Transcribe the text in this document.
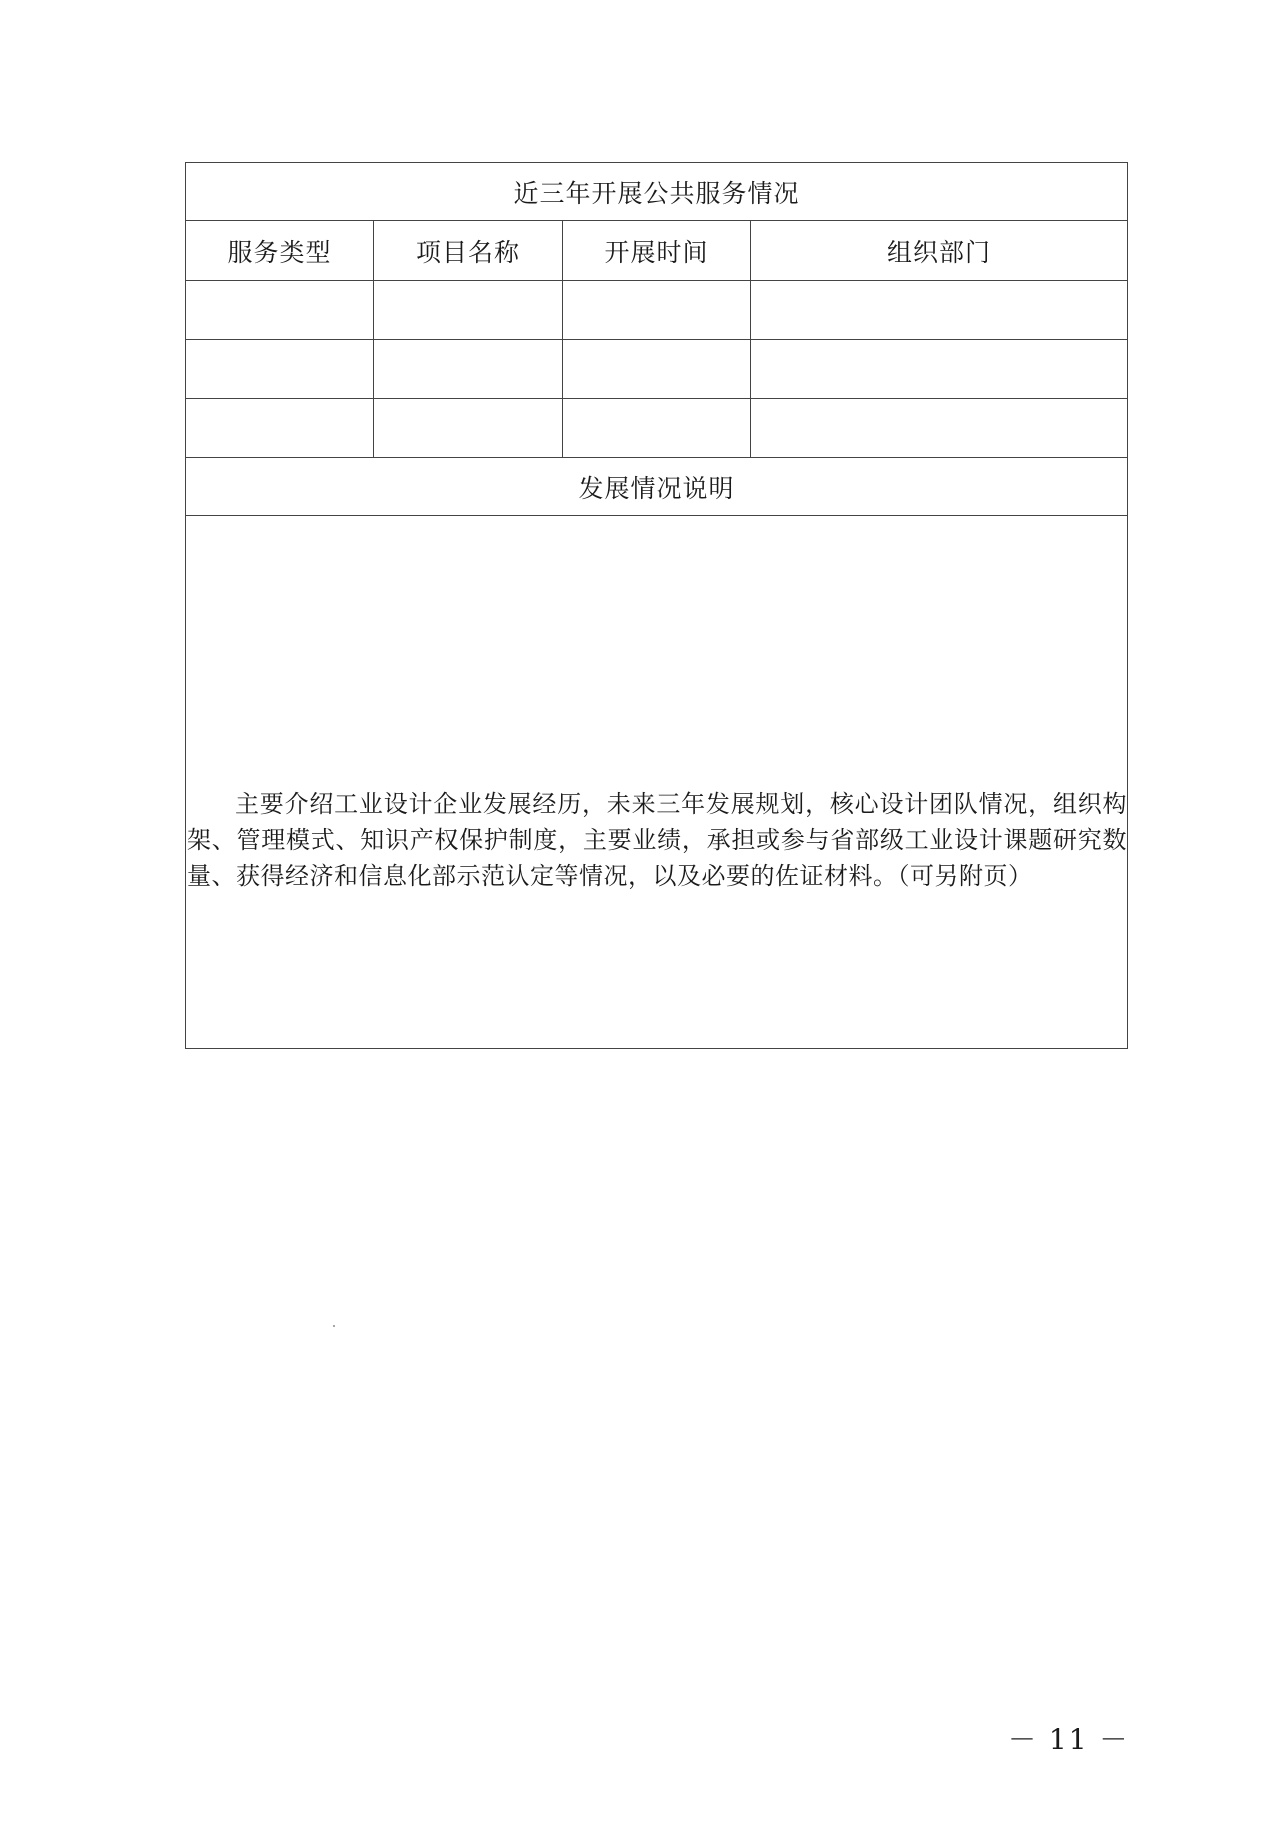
近三年开展公共服务情况			
服务类型	项目名称	开展时间	组织部门

发展情况说明			

主要介绍工业设计企业发展经历，未来三年发展规划，核心设计团队情况，组织构架、管理模式、知识产权保护制度，主要业绩，承担或参与省部级工业设计课题研究数量、获得经济和信息化部示范认定等情况，以及必要的佐证材料。（可另附页）			
－ 11 －
